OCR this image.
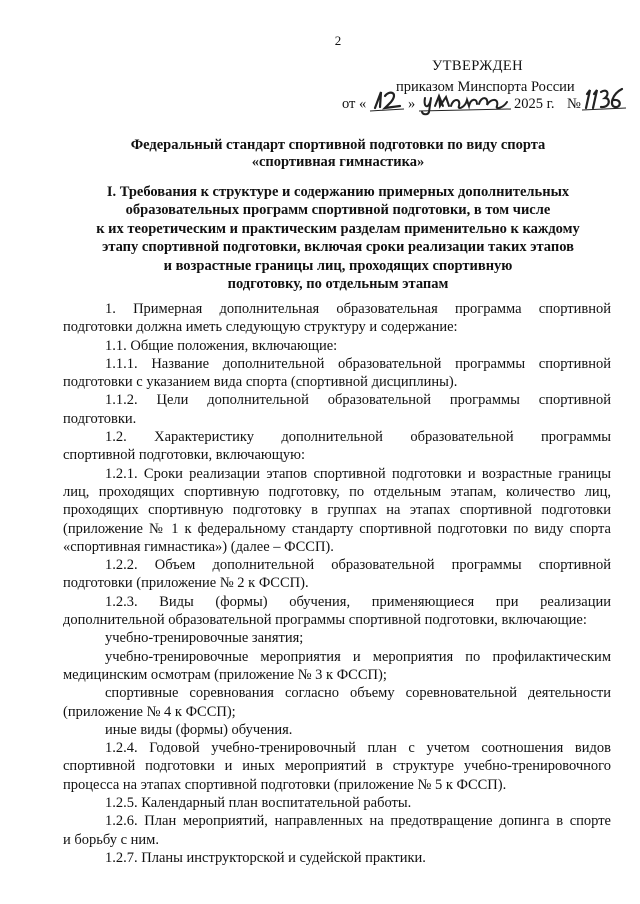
2
УТВЕРЖДЕН
приказом Минспорта России
от «	»	2025 г. №
Федеральный стандарт спортивной подготовки по виду спорта
«спортивная гимнастика»
I. Требования к структуре и содержанию примерных дополнительных
образовательных программ спортивной подготовки, в том числе
к их теоретическим и практическим разделам применительно к каждому
этапу спортивной подготовки, включая сроки реализации таких этапов
и возрастные границы лиц, проходящих спортивную
подготовку, по отдельным этапам
1. Примерная дополнительная образовательная программа спортивной
подготовки должна иметь следующую структуру и содержание:
1.1. Общие положения, включающие:
1.1.1. Название дополнительной образовательной программы спортивной
подготовки с указанием вида спорта (спортивной дисциплины).
1.1.2. Цели дополнительной образовательной программы спортивной
подготовки.
1.2. Характеристику дополнительной образовательной программы
спортивной подготовки, включающую:
1.2.1. Сроки реализации этапов спортивной подготовки и возрастные границы
лиц, проходящих спортивную подготовку, по отдельным этапам, количество лиц, проходящих спортивную подготовку в группах на этапах спортивной подготовки (приложение № 1 к федеральному стандарту спортивной подготовки по виду спорта «спортивная гимнастика») (далее – ФССП).
1.2.2. Объем дополнительной образовательной программы спортивной
подготовки (приложение № 2 к ФССП).
1.2.3. Виды (формы) обучения, применяющиеся при реализации
дополнительной образовательной программы спортивной подготовки, включающие:
учебно-тренировочные занятия;
учебно-тренировочные мероприятия и мероприятия по профилактическим
медицинским осмотрам (приложение № 3 к ФССП);
спортивные соревнования согласно объему соревновательной деятельности
(приложение № 4 к ФССП);
иные виды (формы) обучения.
1.2.4. Годовой учебно-тренировочный план с учетом соотношения видов
спортивной подготовки и иных мероприятий в структуре учебно-тренировочного процесса на этапах спортивной подготовки (приложение № 5 к ФССП).
1.2.5. Календарный план воспитательной работы.
1.2.6. План мероприятий, направленных на предотвращение допинга в спорте
и борьбу с ним.
1.2.7. Планы инструкторской и судейской практики.
